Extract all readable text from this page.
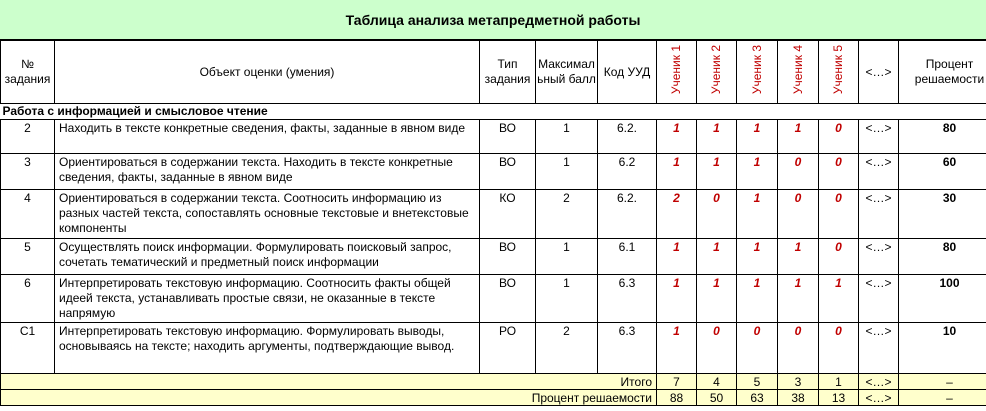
Таблица анализа метапредметной работы
№ задания	Объект оценки (умения)	Тип задания	Максимальный балл	Код УУД	Ученик 1	Ученик 2	Ученик 3	Ученик 4	Ученик 5	<…>	Процент решаемости
Работа с информацией и смысловое чтение											
2	Находить в тексте конкретные сведения, факты, заданные в явном виде	ВО	1	6.2.	1	1	1	1	0	<…>	80
3	Ориентироваться в содержании текста. Находить в тексте конкретные сведения, факты, заданные в явном виде	ВО	1	6.2	1	1	1	0	0	<…>	60
4	Ориентироваться в содержании текста. Соотносить информацию из разных частей текста, сопоставлять основные текстовые и внетекстовые компоненты	КО	2	6.2.	2	0	1	0	0	<…>	30
5	Осуществлять поиск информации. Формулировать поисковый запрос, сочетать тематический и предметный поиск информации	ВО	1	6.1	1	1	1	1	0	<…>	80
6	Интерпретировать текстовую информацию. Соотносить факты общей идеей текста, устанавливать простые связи, не оказанные в тексте напрямую	ВО	1	6.3	1	1	1	1	1	<…>	100
С1	Интерпретировать текстовую информацию. Формулировать выводы, основываясь на тексте; находить аргументы, подтверждающие вывод.	РО	2	6.3	1	0	0	0	0	<…>	10
Итого					7	4	5	3	1	<…>	–
Процент решаемости					88	50	63	38	13	<…>	–
